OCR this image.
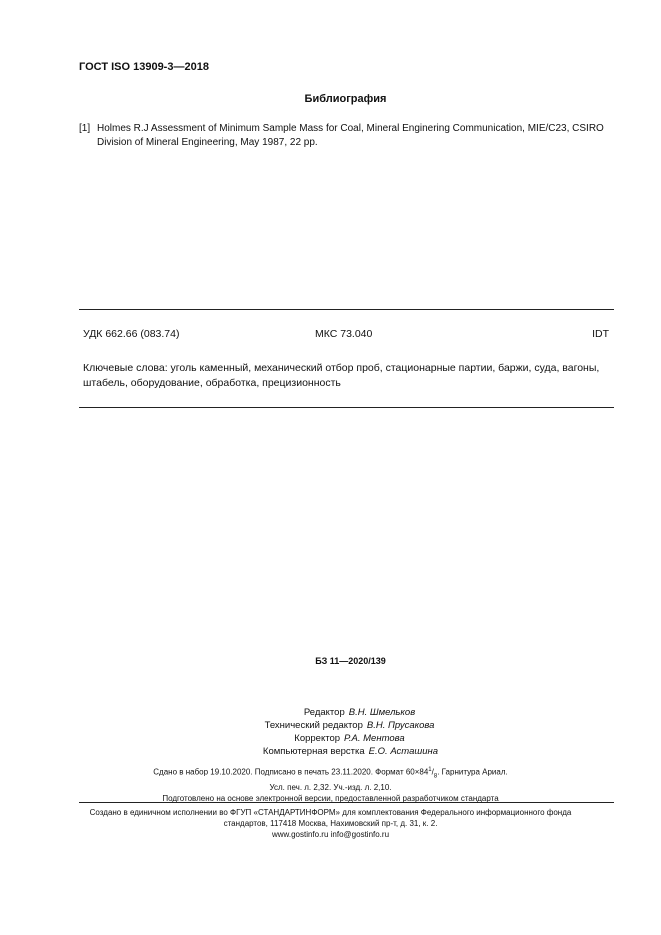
ГОСТ ISO 13909-3—2018
Библиография
[1] Holmes R.J Assessment of Minimum Sample Mass for Coal, Mineral Enginering Communication, MIE/C23, CSIRO Division of Mineral Engineering, May 1987, 22 pp.
УДК 662.66 (083.74)	МКС 73.040	IDT
Ключевые слова: уголь каменный, механический отбор проб, стационарные партии, баржи, суда, вагоны, штабель, оборудование, обработка, прецизионность
БЗ 11—2020/139
Редактор В.Н. Шмельков
Технический редактор В.Н. Прусакова
Корректор Р.А. Ментова
Компьютерная верстка Е.О. Асташина
Сдано в набор 19.10.2020. Подписано в печать 23.11.2020. Формат $60\times 84^1/_8$. Гарнитура Ариал.
Усл. печ. л. 2,32. Уч.-изд. л. 2,10.
Подготовлено на основе электронной версии, предоставленной разработчиком стандарта
Создано в единичном исполнении во ФГУП «СТАНДАРТИНФОРМ» для комплектования Федерального информационного фонда
стандартов, 117418 Москва, Нахимовский пр-т, д. 31, к. 2.
www.gostinfo.ru info@gostinfo.ru
